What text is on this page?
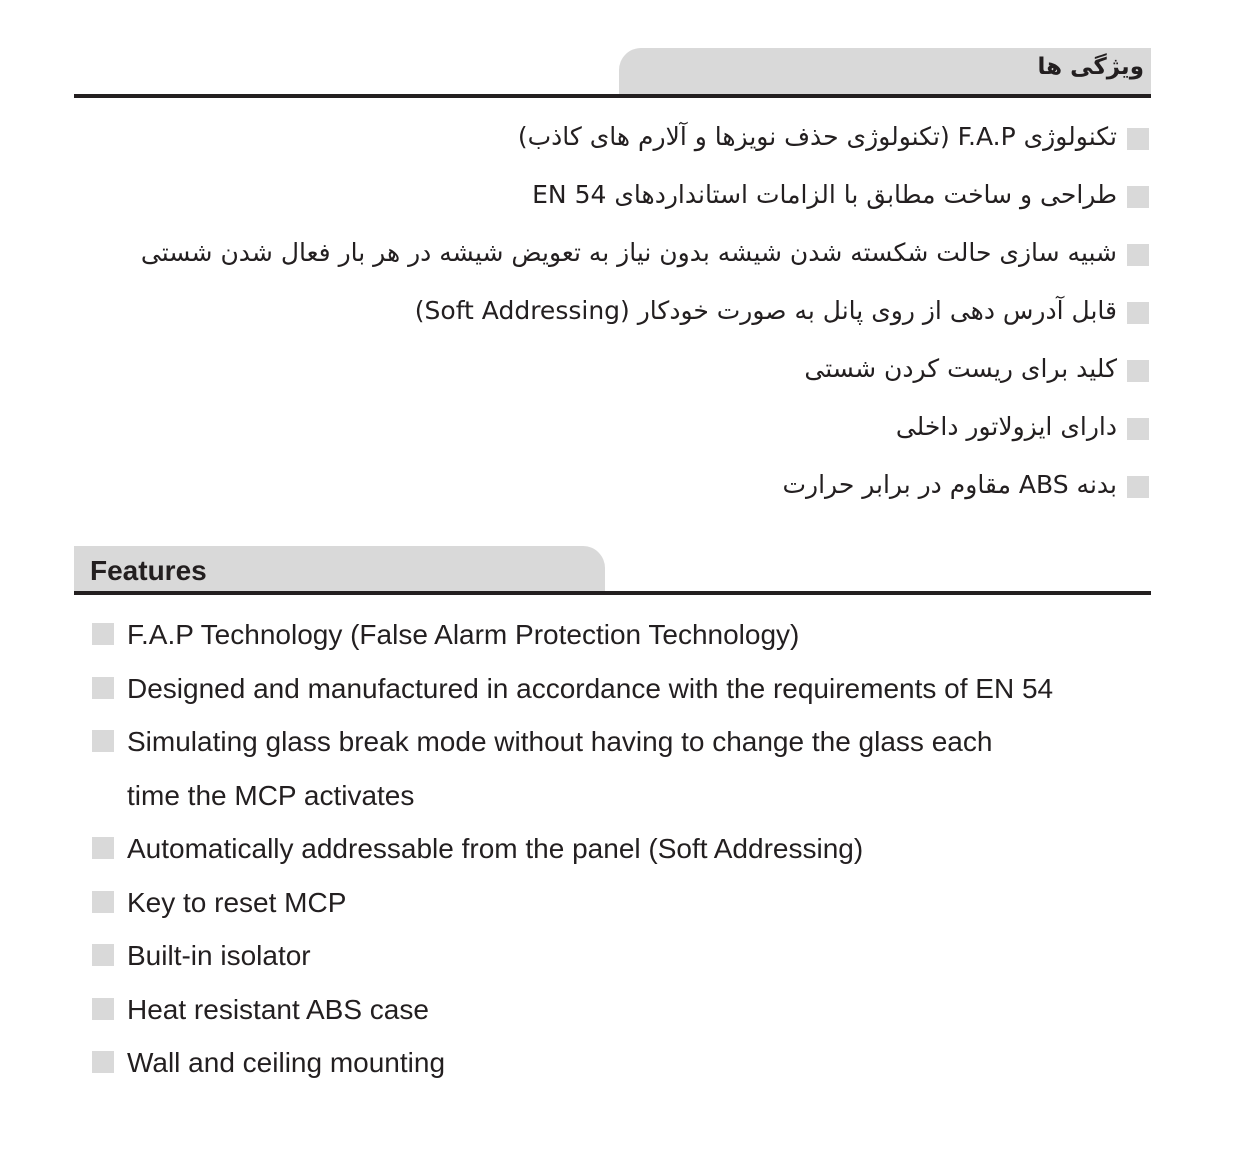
ویژگی ها
تکنولوژی F.A.P (تکنولوژی حذف نویزها و آلارم های کاذب)
طراحی و ساخت مطابق با الزامات استانداردهای EN 54
شبیه سازی حالت شکسته شدن شیشه بدون نیاز به تعویض شیشه در هر بار فعال شدن شستی
قابل آدرس دهی از روی پانل به صورت خودکار (Soft Addressing)
کلید برای ریست کردن شستی
دارای ایزولاتور داخلی
بدنه ABS مقاوم در برابر حرارت
Features
F.A.P Technology (False Alarm Protection Technology)
Designed and manufactured in accordance with the requirements of EN 54
Simulating glass break mode without having to change the glass each
time the MCP activates
Automatically addressable from the panel (Soft Addressing)
Key to reset MCP
Built-in isolator
Heat resistant ABS case
Wall and ceiling mounting
